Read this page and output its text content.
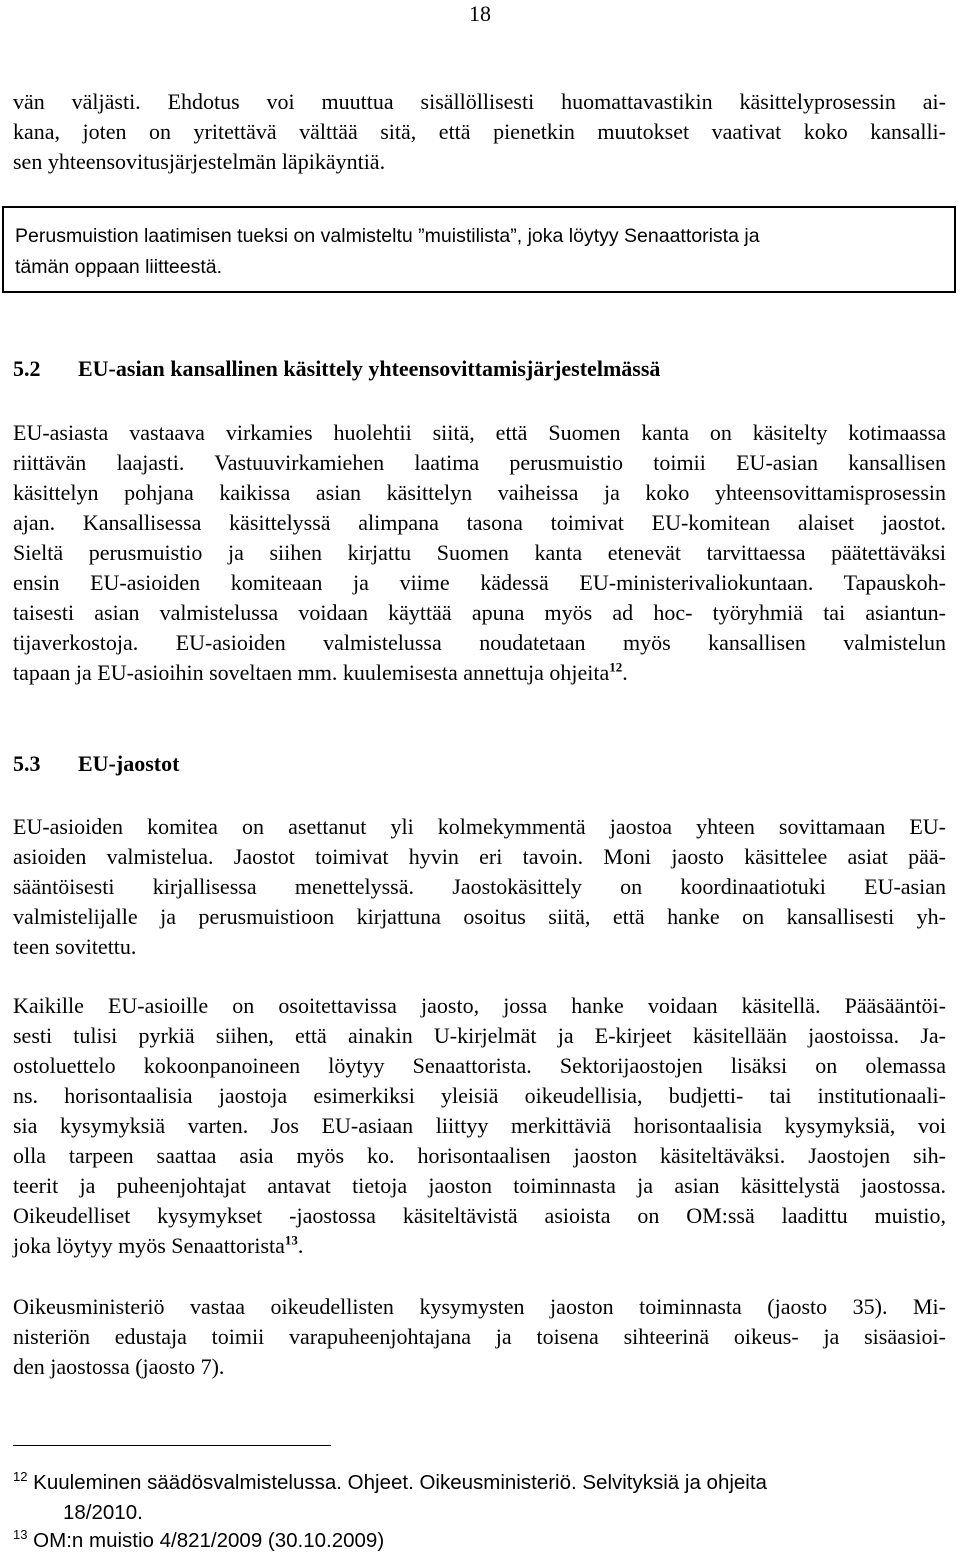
18
vän väljästi. Ehdotus voi muuttua sisällöllisesti huomattavastikin käsittelyprosessin ai-
kana, joten on yritettävä välttää sitä, että pienetkin muutokset vaativat koko kansalli-
sen yhteensovitusjärjestelmän läpikäyntiä.
Perusmuistion laatimisen tueksi on valmisteltu ”muistilista”, joka löytyy Senaattorista ja
tämän oppaan liitteestä.
5.2 EU-asian kansallinen käsittely yhteensovittamisjärjestelmässä
EU-asiasta vastaava virkamies huolehtii siitä, että Suomen kanta on käsitelty kotimaassa
riittävän laajasti. Vastuuvirkamiehen laatima perusmuistio toimii EU-asian kansallisen
käsittelyn pohjana kaikissa asian käsittelyn vaiheissa ja koko yhteensovittamisprosessin
ajan. Kansallisessa käsittelyssä alimpana tasona toimivat EU-komitean alaiset jaostot.
Sieltä perusmuistio ja siihen kirjattu Suomen kanta etenevät tarvittaessa päätettäväksi
ensin EU-asioiden komiteaan ja viime kädessä EU-ministerivaliokuntaan. Tapauskoh-
taisesti asian valmistelussa voidaan käyttää apuna myös ad hoc- työryhmiä tai asiantun-
tijaverkostoja. EU-asioiden valmistelussa noudatetaan myös kansallisen valmistelun
tapaan ja EU-asioihin soveltaen mm. kuulemisesta annettuja ohjeita$^{12}$.
5.3 EU-jaostot
EU-asioiden komitea on asettanut yli kolmekymmentä jaostoa yhteen sovittamaan EU-
asioiden valmistelua. Jaostot toimivat hyvin eri tavoin. Moni jaosto käsittelee asiat pää-
sääntöisesti kirjallisessa menettelyssä. Jaostokäsittely on koordinaatiotuki EU-asian
valmistelijalle ja perusmuistioon kirjattuna osoitus siitä, että hanke on kansallisesti yh-
teen sovitettu.
Kaikille EU-asioille on osoitettavissa jaosto, jossa hanke voidaan käsitellä. Pääsääntöi-
sesti tulisi pyrkiä siihen, että ainakin U-kirjelmät ja E-kirjeet käsitellään jaostoissa. Ja-
ostoluettelo kokoonpanoineen löytyy Senaattorista. Sektorijaostojen lisäksi on olemassa
ns. horisontaalisia jaostoja esimerkiksi yleisiä oikeudellisia, budjetti- tai institutionaali-
sia kysymyksiä varten. Jos EU-asiaan liittyy merkittäviä horisontaalisia kysymyksiä, voi
olla tarpeen saattaa asia myös ko. horisontaalisen jaoston käsiteltäväksi. Jaostojen sih-
teerit ja puheenjohtajat antavat tietoja jaoston toiminnasta ja asian käsittelystä jaostossa.
Oikeudelliset kysymykset -jaostossa käsiteltävistä asioista on OM:ssä laadittu muistio,
joka löytyy myös Senaattorista$^{13}$.
Oikeusministeriö vastaa oikeudellisten kysymysten jaoston toiminnasta (jaosto 35). Mi-
nisteriön edustaja toimii varapuheenjohtajana ja toisena sihteerinä oikeus- ja sisäasioi-
den jaostossa (jaosto 7).
$^{12}$ Kuuleminen säädösvalmistelussa. Ohjeet. Oikeusministeriö. Selvityksiä ja ohjeita
18/2010.
$^{13}$ OM:n muistio 4/821/2009 (30.10.2009)
